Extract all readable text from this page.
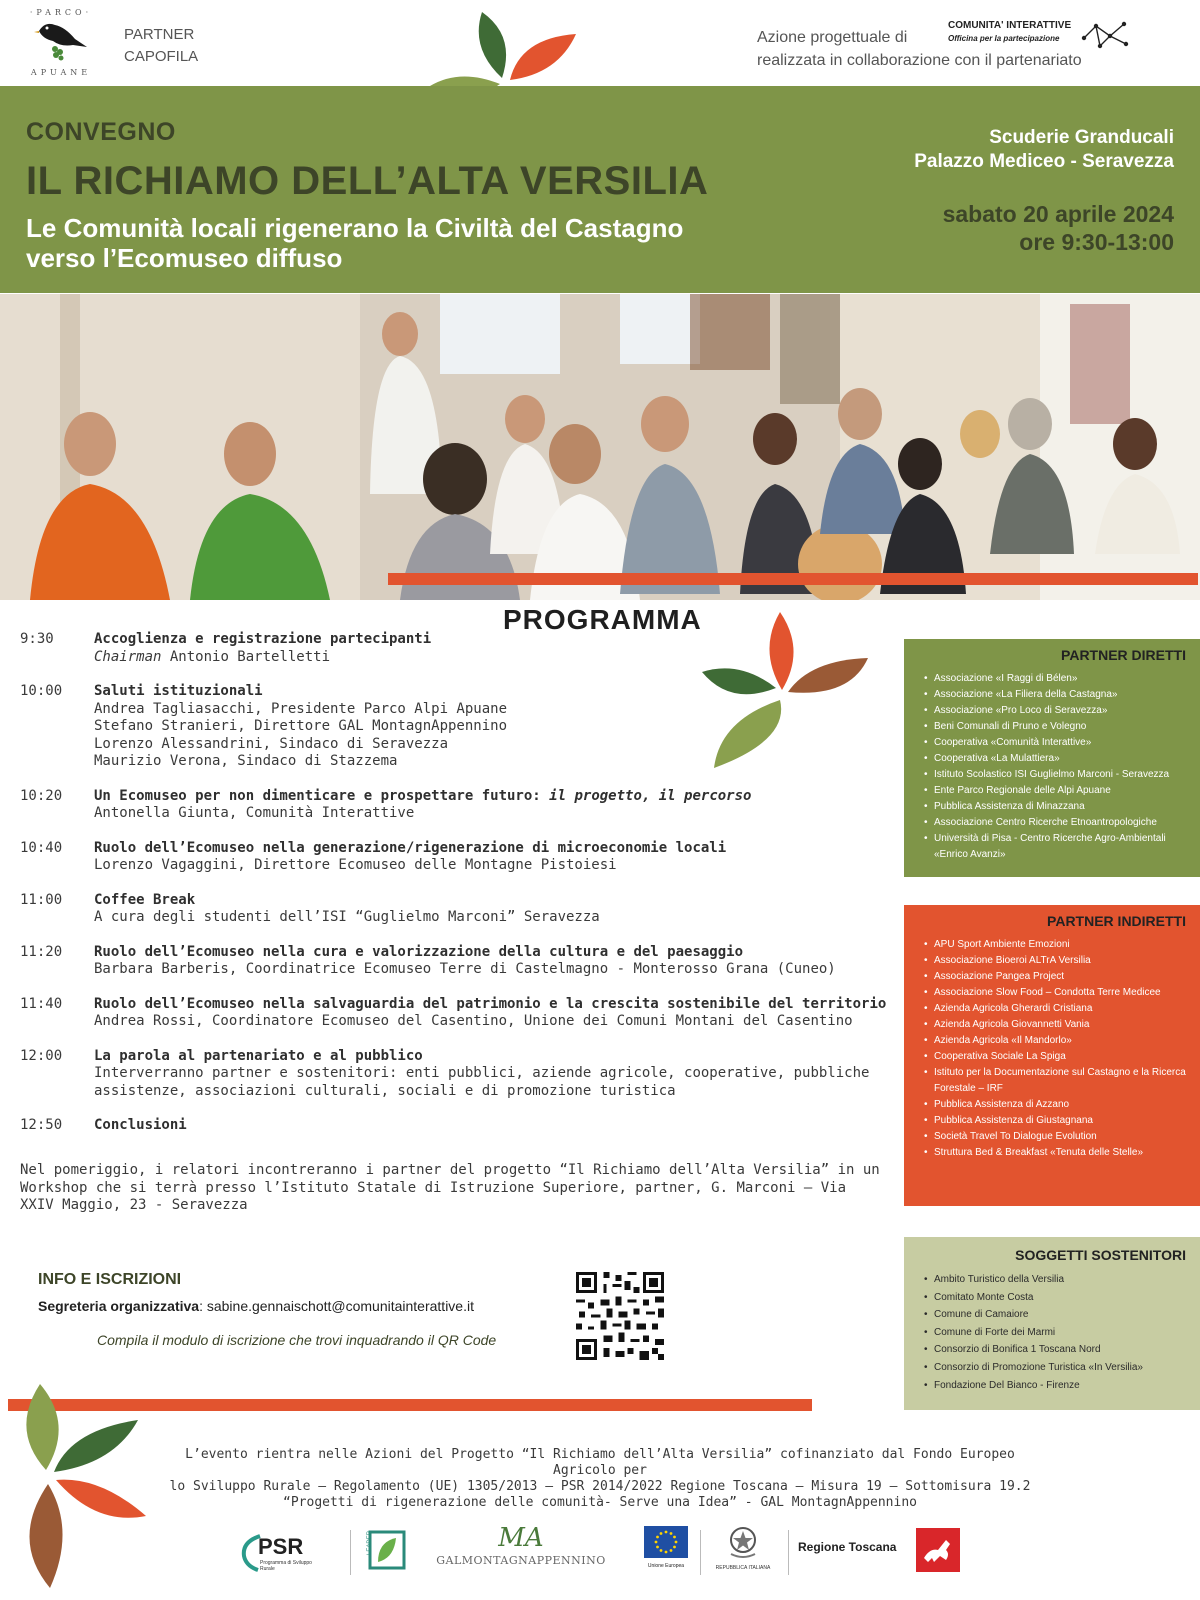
·PARCO·
APUANE
PARTNER
CAPOFILA
Azione progettuale di
realizzata in collaborazione con il partenariato
COMUNITA' INTERATTIVE
Officina per la partecipazione
CONVEGNO
IL RICHIAMO DELL’ALTA VERSILIA
Le Comunità locali rigenerano la Civiltà del Castagno
verso l’Ecomuseo diffuso
Scuderie Granducali
Palazzo Mediceo - Seravezza
sabato 20 aprile 2024
ore 9:30-13:00
PROGRAMMA
9:30	Accoglienza e registrazione partecipanti
Chairman Antonio Bartelletti
10:00	Saluti istituzionali
Andrea Tagliasacchi, Presidente Parco Alpi Apuane
Stefano Stranieri, Direttore GAL MontagnAppennino
Lorenzo Alessandrini, Sindaco di Seravezza
Maurizio Verona, Sindaco di Stazzema
10:20	Un Ecomuseo per non dimenticare e prospettare futuro: il progetto, il percorso
Antonella Giunta, Comunità Interattive
10:40	Ruolo dell’Ecomuseo nella generazione/rigenerazione di microeconomie locali
Lorenzo Vagaggini, Direttore Ecomuseo delle Montagne Pistoiesi
11:00	Coffee Break
A cura degli studenti dell’ISI “Guglielmo Marconi” Seravezza
11:20	Ruolo dell’Ecomuseo nella cura e valorizzazione della cultura e del paesaggio
Barbara Barberis, Coordinatrice Ecomuseo Terre di Castelmagno - Monterosso Grana (Cuneo)
11:40	Ruolo dell’Ecomuseo nella salvaguardia del patrimonio e la crescita sostenibile del territorio
Andrea Rossi, Coordinatore Ecomuseo del Casentino, Unione dei Comuni Montani del Casentino
12:00	La parola al partenariato e al pubblico
Interverranno partner e sostenitori: enti pubblici, aziende agricole, cooperative, pubbliche
assistenze, associazioni culturali, sociali e di promozione turistica
12:50	Conclusioni
Nel pomeriggio, i relatori incontreranno i partner del progetto “Il Richiamo dell’Alta Versilia” in un Workshop che si terrà presso l’Istituto Statale di Istruzione Superiore, partner, G. Marconi – Via XXIV Maggio, 23 - Seravezza
PARTNER DIRETTI
• Associazione «I Raggi di Bélen»
• Associazione «La Filiera della Castagna»
• Associazione «Pro Loco di Seravezza»
• Beni Comunali di Pruno e Volegno
• Cooperativa «Comunità Interattive»
• Cooperativa «La Mulattiera»
• Istituto Scolastico ISI Guglielmo Marconi - Seravezza
• Ente Parco Regionale delle Alpi Apuane
• Pubblica Assistenza di Minazzana
• Associazione Centro Ricerche Etnoantropologiche
• Università di Pisa - Centro Ricerche Agro-Ambientali «Enrico Avanzi»
PARTNER INDIRETTI
• APU Sport Ambiente Emozioni
• Associazione Bioeroi ALTrA Versilia
• Associazione Pangea Project
• Associazione Slow Food – Condotta Terre Medicee
• Azienda Agricola Gherardi Cristiana
• Azienda Agricola Giovannetti Vania
• Azienda Agricola «Il Mandorlo»
• Cooperativa Sociale La Spiga
• Istituto per la Documentazione sul Castagno e la Ricerca Forestale – IRF
• Pubblica Assistenza di Azzano
• Pubblica Assistenza di Giustagnana
• Società Travel To Dialogue Evolution
• Struttura Bed & Breakfast «Tenuta delle Stelle»
SOGGETTI SOSTENITORI
• Ambito Turistico della Versilia
• Comitato Monte Costa
• Comune di Camaiore
• Comune di Forte dei Marmi
• Consorzio di Bonifica 1 Toscana Nord
• Consorzio di Promozione Turistica «In Versilia»
• Fondazione Del Bianco - Firenze
INFO E ISCRIZIONI
Segreteria organizzativa: sabine.gennaischott@comunitainterattive.it
Compila il modulo di iscrizione che trovi inquadrando il QR Code
L’evento rientra nelle Azioni del Progetto “Il Richiamo dell’Alta Versilia” cofinanziato dal Fondo Europeo Agricolo per
lo Sviluppo Rurale – Regolamento (UE) 1305/2013 – PSR 2014/2022 Regione Toscana – Misura 19 – Sottomisura 19.2
“Progetti di rigenerazione delle comunità- Serve una Idea” - GAL MontagnAppennino
PSR
Programma di Sviluppo Rurale
LEADER	MA
GALMONTAGNAPPENNINO	Unione Europea	REPUBBLICA ITALIANA
Regione Toscana
